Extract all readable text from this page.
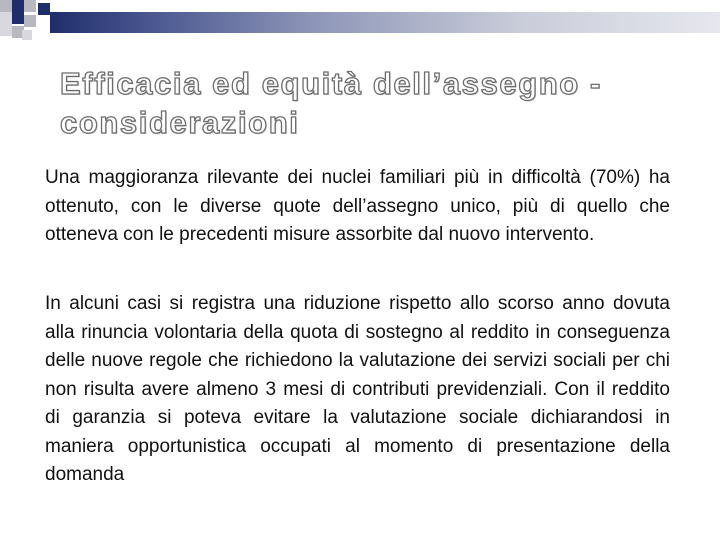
Efficacia ed equità dell’assegno - considerazioni

Una maggioranza rilevante dei nuclei familiari più in difficoltà (70%) ha ottenuto, con le diverse quote dell’assegno unico, più di quello che otteneva con le precedenti misure assorbite dal nuovo intervento.

In alcuni casi si registra una riduzione rispetto allo scorso anno dovuta alla rinuncia volontaria della quota di sostegno al reddito in conseguenza delle nuove regole che richiedono la valutazione dei servizi sociali per chi non risulta avere almeno 3 mesi di contributi previdenziali. Con il reddito di garanzia si poteva evitare la valutazione sociale dichiarandosi in maniera opportunistica occupati al momento di presentazione della domanda
